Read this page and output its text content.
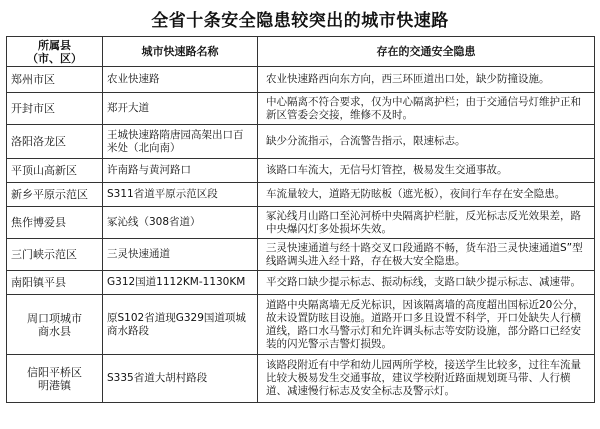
全省十条安全隐患较突出的城市快速路
所属县
（市、区）	城市快速路名称	存在的交通安全隐患
郑州市区	农业快速路	农业快速路西向东方向，西三环匝道出口处，缺少防撞设施。
开封市区	郑开大道	中心隔离不符合要求，仅为中心隔离护栏；由于交通信号灯维护正和新区管委会交接，维修不及时。
洛阳洛龙区	王城快速路隋唐园高架出口百米处（北向南）	缺少分流指示，合流警告指示，限速标志。
平顶山高新区	许南路与黄河路口	该路口车流大，无信号灯管控，极易发生交通事故。
新乡平原示范区	S311省道平原示范区段	车流量较大，道路无防眩板（遮光板），夜间行车存在安全隐患。
焦作博爱县	冢沁线（308省道）	冢沁线月山路口至沁河桥中央隔离护栏脏，反光标志反光效果差，路中央爆闪灯多处损坏失效。
三门峡示范区	三灵快速通道	三灵快速通道与经十路交叉口段通路不畅，货车沿三灵快速通道S”型线路调头进入经十路，存在极大安全隐患。
南阳镇平县	G312国道1112KM-1130KM	平交路口缺少提示标志、振动标线，支路口缺少提示标志、减速带。

周口项城市
商水县	原S102省道现G329国道项城商水路段	道路中央隔离墙无反光标识，因该隔离墙的高度超出国标近20公分，故未设置防眩目设施。道路开口多且设置不科学，开口处缺失人行横道线，路口水马警示灯和允许调头标志等安防设施，部分路口已经安装的闪光警示吉警灯损毁。

信阳平桥区
明港镇	S335省道大胡村路段	该路段附近有中学和幼儿园两所学校，接送学生比较多，过往车流量比较大极易发生交通事故，建议学校附近路面规划斑马带、人行横道、减速慢行标志及安全标志及警示灯。
